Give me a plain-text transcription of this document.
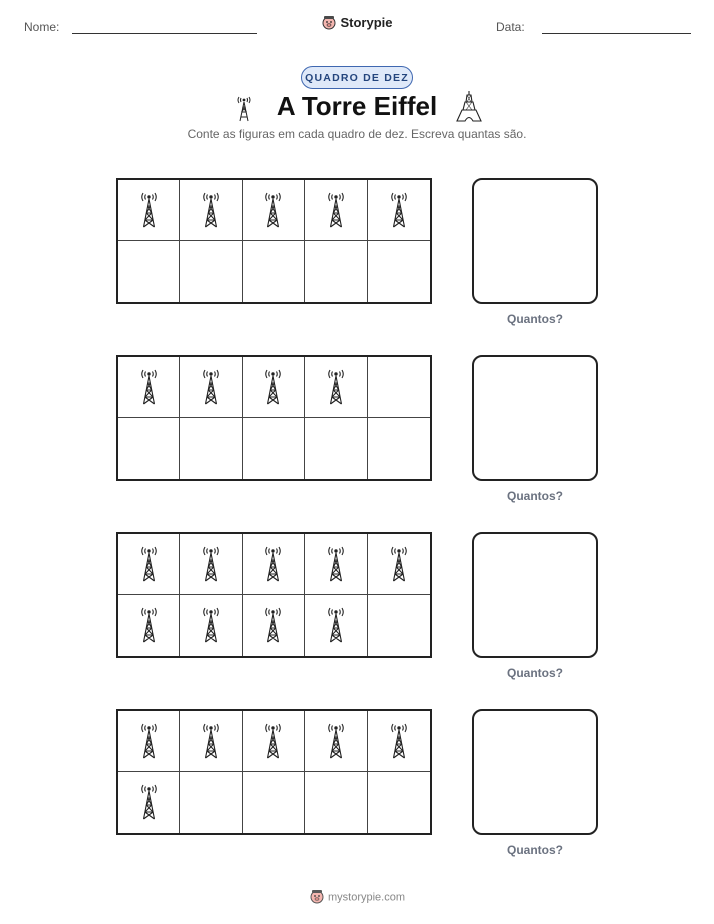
Nome:	Storypie	Data:
QUADRO DE DEZ
A Torre Eiffel
Conte as figuras em cada quadro de dez. Escreva quantas são.
Quantos?
Quantos?
Quantos?
Quantos?
mystorypie.com
